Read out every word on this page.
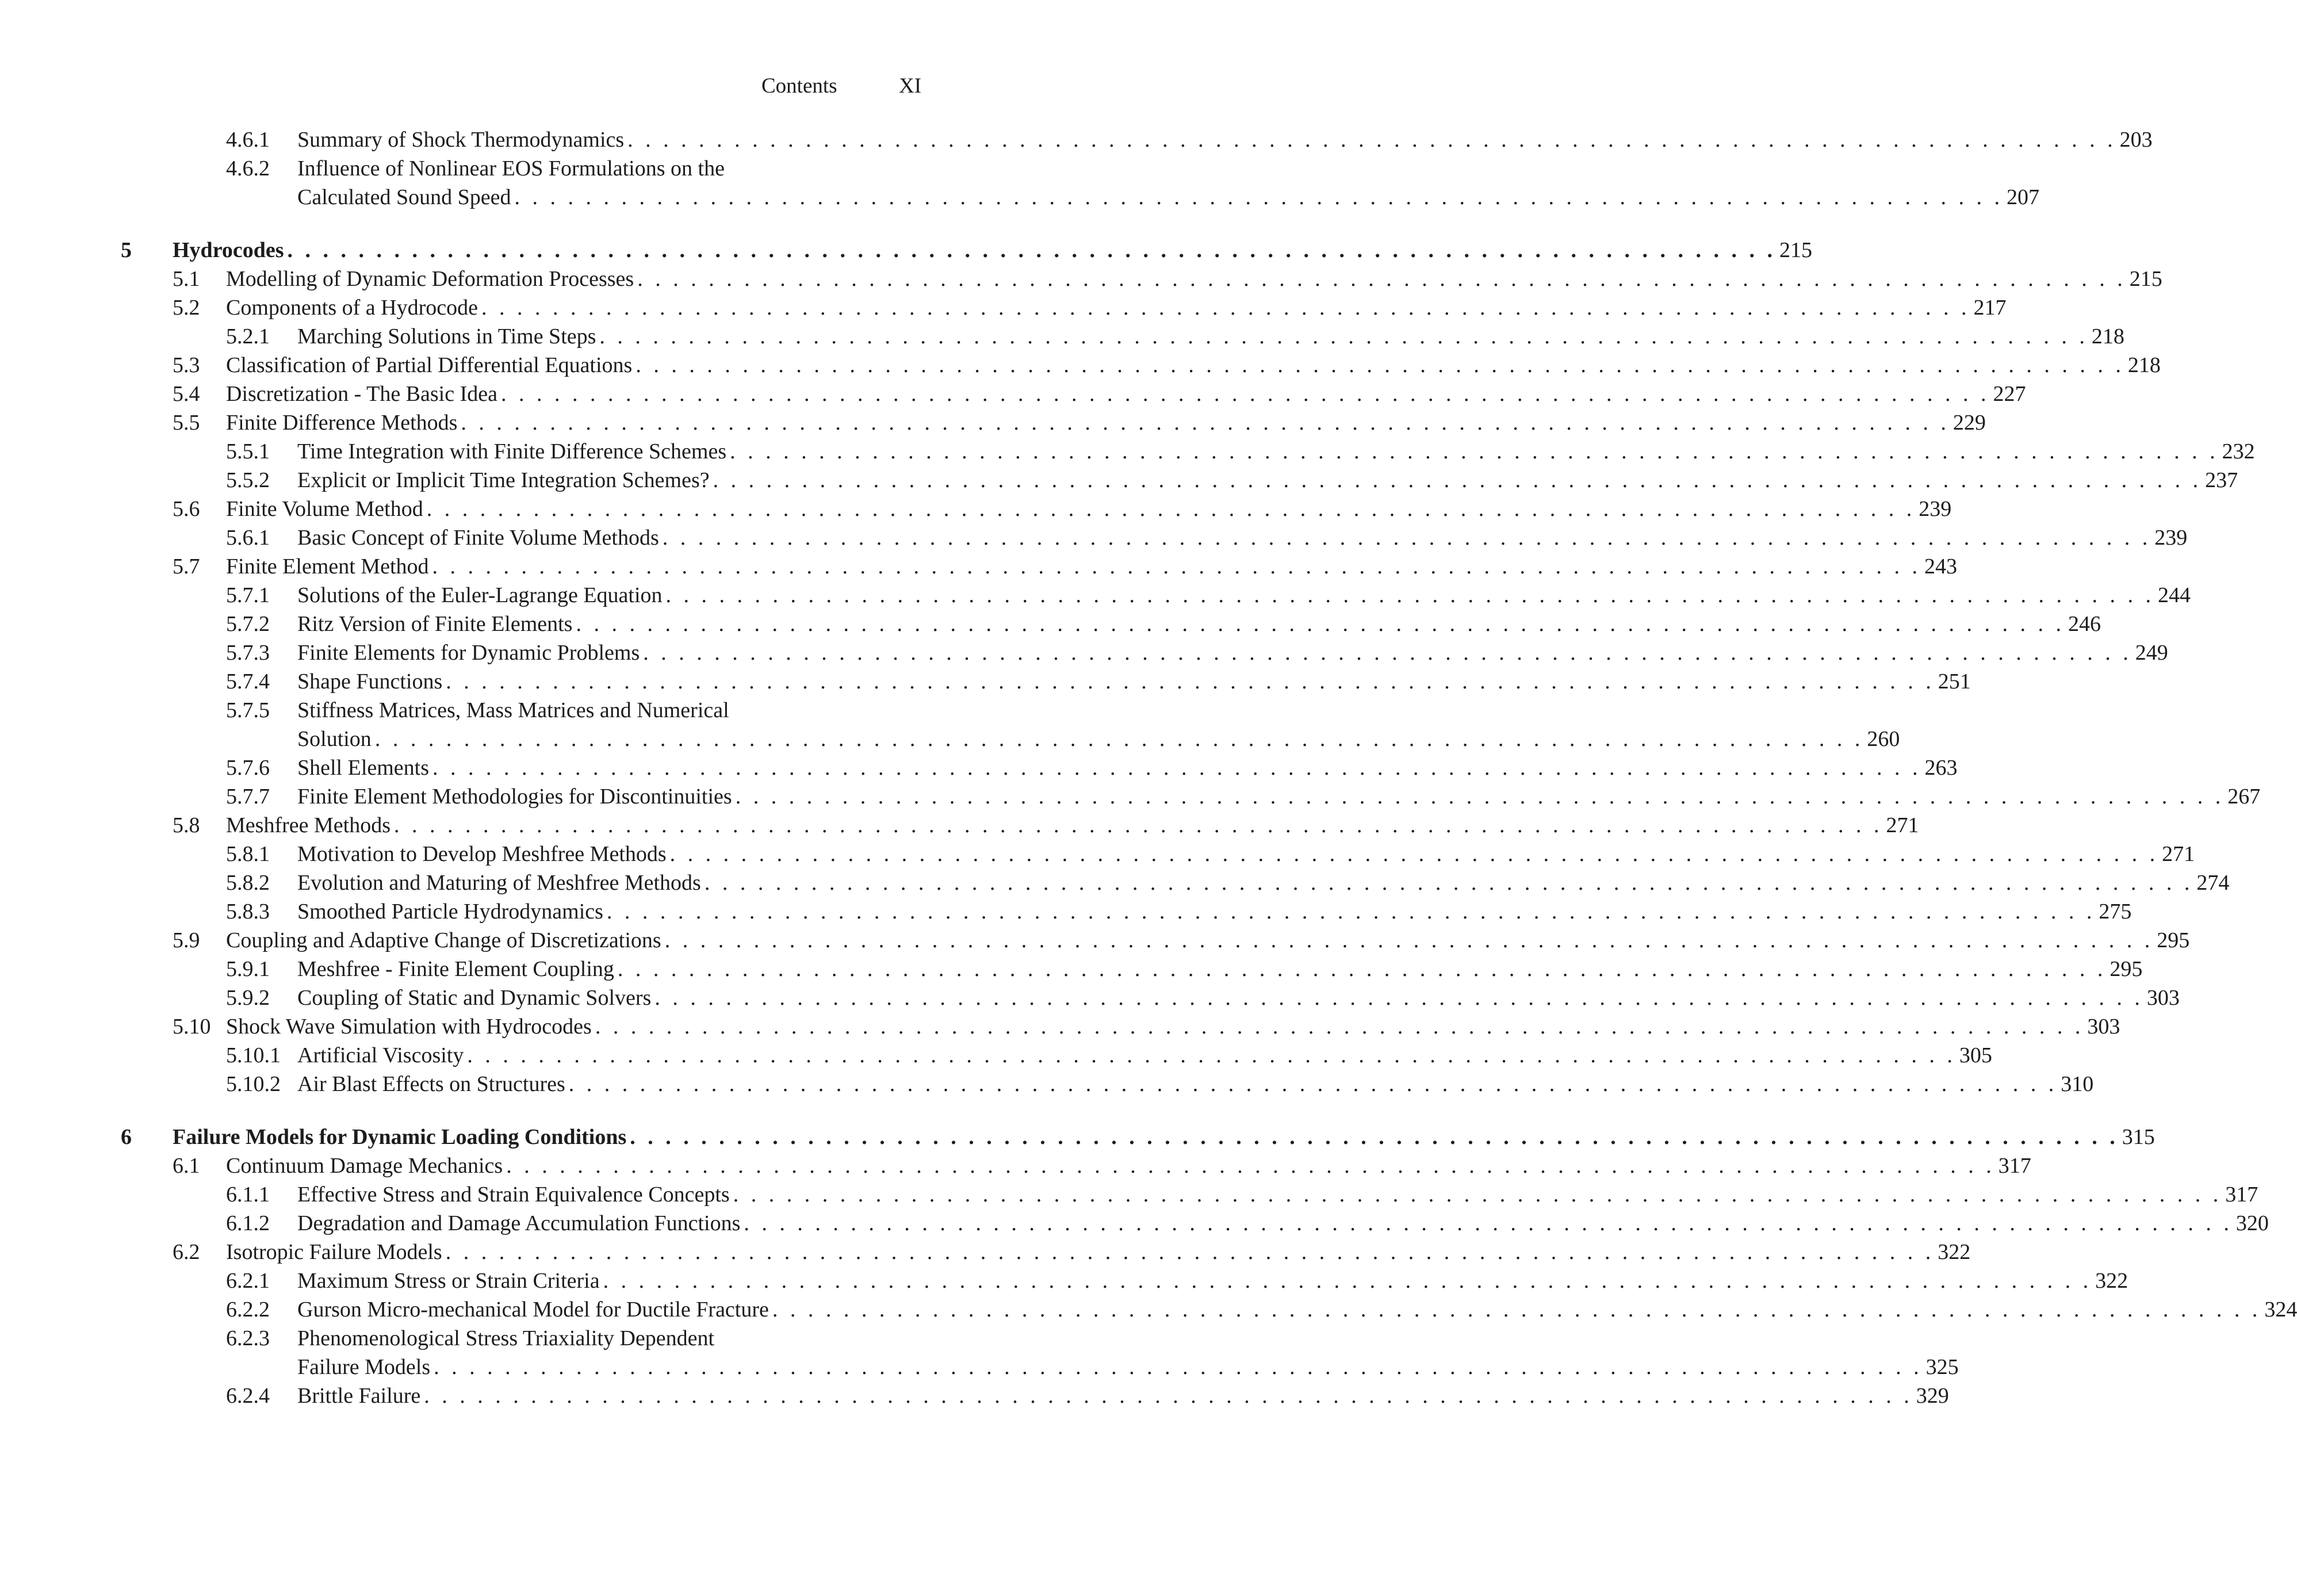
Contents	XI
4.6.1 Summary of Shock Thermodynamics . . . . . . . . . . . . . . . . . . . . . . . . . . . . . . . . . . . . . . . . . . . . . . . . . . . . . . . . . . . . . . . . . . . . . . . . . . . . . . . . . . . . 203
4.6.2 Influence of Nonlinear EOS Formulations on the
Calculated Sound Speed . . . . . . . . . . . . . . . . . . . . . . . . . . . . . . . . . . . . . . . . . . . . . . . . . . . . . . . . . . . . . . . . . . . . . . . . . . . . . . . . . . . . 207
5 Hydrocodes . . . . . . . . . . . . . . . . . . . . . . . . . . . . . . . . . . . . . . . . . . . . . . . . . . . . . . . . . . . . . . . . . . . . . . . . . . . . . . . . . . . . 215
5.1 Modelling of Dynamic Deformation Processes . . . . . . . . . . . . . . . . . . . . . . . . . . . . . . . . . . . . . . . . . . . . . . . . . . . . . . . . . . . . . . . . . . . . . . . . . . . . . . . . . . . . 215
5.2 Components of a Hydrocode . . . . . . . . . . . . . . . . . . . . . . . . . . . . . . . . . . . . . . . . . . . . . . . . . . . . . . . . . . . . . . . . . . . . . . . . . . . . . . . . . . . . 217
5.2.1 Marching Solutions in Time Steps . . . . . . . . . . . . . . . . . . . . . . . . . . . . . . . . . . . . . . . . . . . . . . . . . . . . . . . . . . . . . . . . . . . . . . . . . . . . . . . . . . . . 218
5.3 Classification of Partial Differential Equations . . . . . . . . . . . . . . . . . . . . . . . . . . . . . . . . . . . . . . . . . . . . . . . . . . . . . . . . . . . . . . . . . . . . . . . . . . . . . . . . . . . . 218
5.4 Discretization - The Basic Idea . . . . . . . . . . . . . . . . . . . . . . . . . . . . . . . . . . . . . . . . . . . . . . . . . . . . . . . . . . . . . . . . . . . . . . . . . . . . . . . . . . . . 227
5.5 Finite Difference Methods . . . . . . . . . . . . . . . . . . . . . . . . . . . . . . . . . . . . . . . . . . . . . . . . . . . . . . . . . . . . . . . . . . . . . . . . . . . . . . . . . . . . 229
5.5.1 Time Integration with Finite Difference Schemes . . . . . . . . . . . . . . . . . . . . . . . . . . . . . . . . . . . . . . . . . . . . . . . . . . . . . . . . . . . . . . . . . . . . . . . . . . . . . . . . . . . . 232
5.5.2 Explicit or Implicit Time Integration Schemes? . . . . . . . . . . . . . . . . . . . . . . . . . . . . . . . . . . . . . . . . . . . . . . . . . . . . . . . . . . . . . . . . . . . . . . . . . . . . . . . . . . . . 237
5.6 Finite Volume Method . . . . . . . . . . . . . . . . . . . . . . . . . . . . . . . . . . . . . . . . . . . . . . . . . . . . . . . . . . . . . . . . . . . . . . . . . . . . . . . . . . . . 239
5.6.1 Basic Concept of Finite Volume Methods . . . . . . . . . . . . . . . . . . . . . . . . . . . . . . . . . . . . . . . . . . . . . . . . . . . . . . . . . . . . . . . . . . . . . . . . . . . . . . . . . . . . 239
5.7 Finite Element Method . . . . . . . . . . . . . . . . . . . . . . . . . . . . . . . . . . . . . . . . . . . . . . . . . . . . . . . . . . . . . . . . . . . . . . . . . . . . . . . . . . . . 243
5.7.1 Solutions of the Euler-Lagrange Equation . . . . . . . . . . . . . . . . . . . . . . . . . . . . . . . . . . . . . . . . . . . . . . . . . . . . . . . . . . . . . . . . . . . . . . . . . . . . . . . . . . . . 244
5.7.2 Ritz Version of Finite Elements . . . . . . . . . . . . . . . . . . . . . . . . . . . . . . . . . . . . . . . . . . . . . . . . . . . . . . . . . . . . . . . . . . . . . . . . . . . . . . . . . . . . 246
5.7.3 Finite Elements for Dynamic Problems . . . . . . . . . . . . . . . . . . . . . . . . . . . . . . . . . . . . . . . . . . . . . . . . . . . . . . . . . . . . . . . . . . . . . . . . . . . . . . . . . . . . 249
5.7.4 Shape Functions . . . . . . . . . . . . . . . . . . . . . . . . . . . . . . . . . . . . . . . . . . . . . . . . . . . . . . . . . . . . . . . . . . . . . . . . . . . . . . . . . . . . 251
5.7.5 Stiffness Matrices, Mass Matrices and Numerical
Solution . . . . . . . . . . . . . . . . . . . . . . . . . . . . . . . . . . . . . . . . . . . . . . . . . . . . . . . . . . . . . . . . . . . . . . . . . . . . . . . . . . . . 260
5.7.6 Shell Elements . . . . . . . . . . . . . . . . . . . . . . . . . . . . . . . . . . . . . . . . . . . . . . . . . . . . . . . . . . . . . . . . . . . . . . . . . . . . . . . . . . . . 263
5.7.7 Finite Element Methodologies for Discontinuities . . . . . . . . . . . . . . . . . . . . . . . . . . . . . . . . . . . . . . . . . . . . . . . . . . . . . . . . . . . . . . . . . . . . . . . . . . . . . . . . . . . . 267
5.8 Meshfree Methods . . . . . . . . . . . . . . . . . . . . . . . . . . . . . . . . . . . . . . . . . . . . . . . . . . . . . . . . . . . . . . . . . . . . . . . . . . . . . . . . . . . . 271
5.8.1 Motivation to Develop Meshfree Methods . . . . . . . . . . . . . . . . . . . . . . . . . . . . . . . . . . . . . . . . . . . . . . . . . . . . . . . . . . . . . . . . . . . . . . . . . . . . . . . . . . . . 271
5.8.2 Evolution and Maturing of Meshfree Methods . . . . . . . . . . . . . . . . . . . . . . . . . . . . . . . . . . . . . . . . . . . . . . . . . . . . . . . . . . . . . . . . . . . . . . . . . . . . . . . . . . . . 274
5.8.3 Smoothed Particle Hydrodynamics . . . . . . . . . . . . . . . . . . . . . . . . . . . . . . . . . . . . . . . . . . . . . . . . . . . . . . . . . . . . . . . . . . . . . . . . . . . . . . . . . . . . 275
5.9 Coupling and Adaptive Change of Discretizations . . . . . . . . . . . . . . . . . . . . . . . . . . . . . . . . . . . . . . . . . . . . . . . . . . . . . . . . . . . . . . . . . . . . . . . . . . . . . . . . . . . . 295
5.9.1 Meshfree - Finite Element Coupling . . . . . . . . . . . . . . . . . . . . . . . . . . . . . . . . . . . . . . . . . . . . . . . . . . . . . . . . . . . . . . . . . . . . . . . . . . . . . . . . . . . . 295
5.9.2 Coupling of Static and Dynamic Solvers . . . . . . . . . . . . . . . . . . . . . . . . . . . . . . . . . . . . . . . . . . . . . . . . . . . . . . . . . . . . . . . . . . . . . . . . . . . . . . . . . . . . 303
5.10 Shock Wave Simulation with Hydrocodes . . . . . . . . . . . . . . . . . . . . . . . . . . . . . . . . . . . . . . . . . . . . . . . . . . . . . . . . . . . . . . . . . . . . . . . . . . . . . . . . . . . . 303
5.10.1 Artificial Viscosity . . . . . . . . . . . . . . . . . . . . . . . . . . . . . . . . . . . . . . . . . . . . . . . . . . . . . . . . . . . . . . . . . . . . . . . . . . . . . . . . . . . . 305
5.10.2 Air Blast Effects on Structures . . . . . . . . . . . . . . . . . . . . . . . . . . . . . . . . . . . . . . . . . . . . . . . . . . . . . . . . . . . . . . . . . . . . . . . . . . . . . . . . . . . . 310
6 Failure Models for Dynamic Loading Conditions . . . . . . . . . . . . . . . . . . . . . . . . . . . . . . . . . . . . . . . . . . . . . . . . . . . . . . . . . . . . . . . . . . . . . . . . . . . . . . . . . . . . 315
6.1 Continuum Damage Mechanics . . . . . . . . . . . . . . . . . . . . . . . . . . . . . . . . . . . . . . . . . . . . . . . . . . . . . . . . . . . . . . . . . . . . . . . . . . . . . . . . . . . . 317
6.1.1 Effective Stress and Strain Equivalence Concepts . . . . . . . . . . . . . . . . . . . . . . . . . . . . . . . . . . . . . . . . . . . . . . . . . . . . . . . . . . . . . . . . . . . . . . . . . . . . . . . . . . . . 317
6.1.2 Degradation and Damage Accumulation Functions . . . . . . . . . . . . . . . . . . . . . . . . . . . . . . . . . . . . . . . . . . . . . . . . . . . . . . . . . . . . . . . . . . . . . . . . . . . . . . . . . . . . 320
6.2 Isotropic Failure Models . . . . . . . . . . . . . . . . . . . . . . . . . . . . . . . . . . . . . . . . . . . . . . . . . . . . . . . . . . . . . . . . . . . . . . . . . . . . . . . . . . . . 322
6.2.1 Maximum Stress or Strain Criteria . . . . . . . . . . . . . . . . . . . . . . . . . . . . . . . . . . . . . . . . . . . . . . . . . . . . . . . . . . . . . . . . . . . . . . . . . . . . . . . . . . . . 322
6.2.2 Gurson Micro-mechanical Model for Ductile Fracture . . . . . . . . . . . . . . . . . . . . . . . . . . . . . . . . . . . . . . . . . . . . . . . . . . . . . . . . . . . . . . . . . . . . . . . . . . . . . . . . . . . . 324
6.2.3 Phenomenological Stress Triaxiality Dependent
Failure Models . . . . . . . . . . . . . . . . . . . . . . . . . . . . . . . . . . . . . . . . . . . . . . . . . . . . . . . . . . . . . . . . . . . . . . . . . . . . . . . . . . . . 325
6.2.4 Brittle Failure . . . . . . . . . . . . . . . . . . . . . . . . . . . . . . . . . . . . . . . . . . . . . . . . . . . . . . . . . . . . . . . . . . . . . . . . . . . . . . . . . . . . 329
